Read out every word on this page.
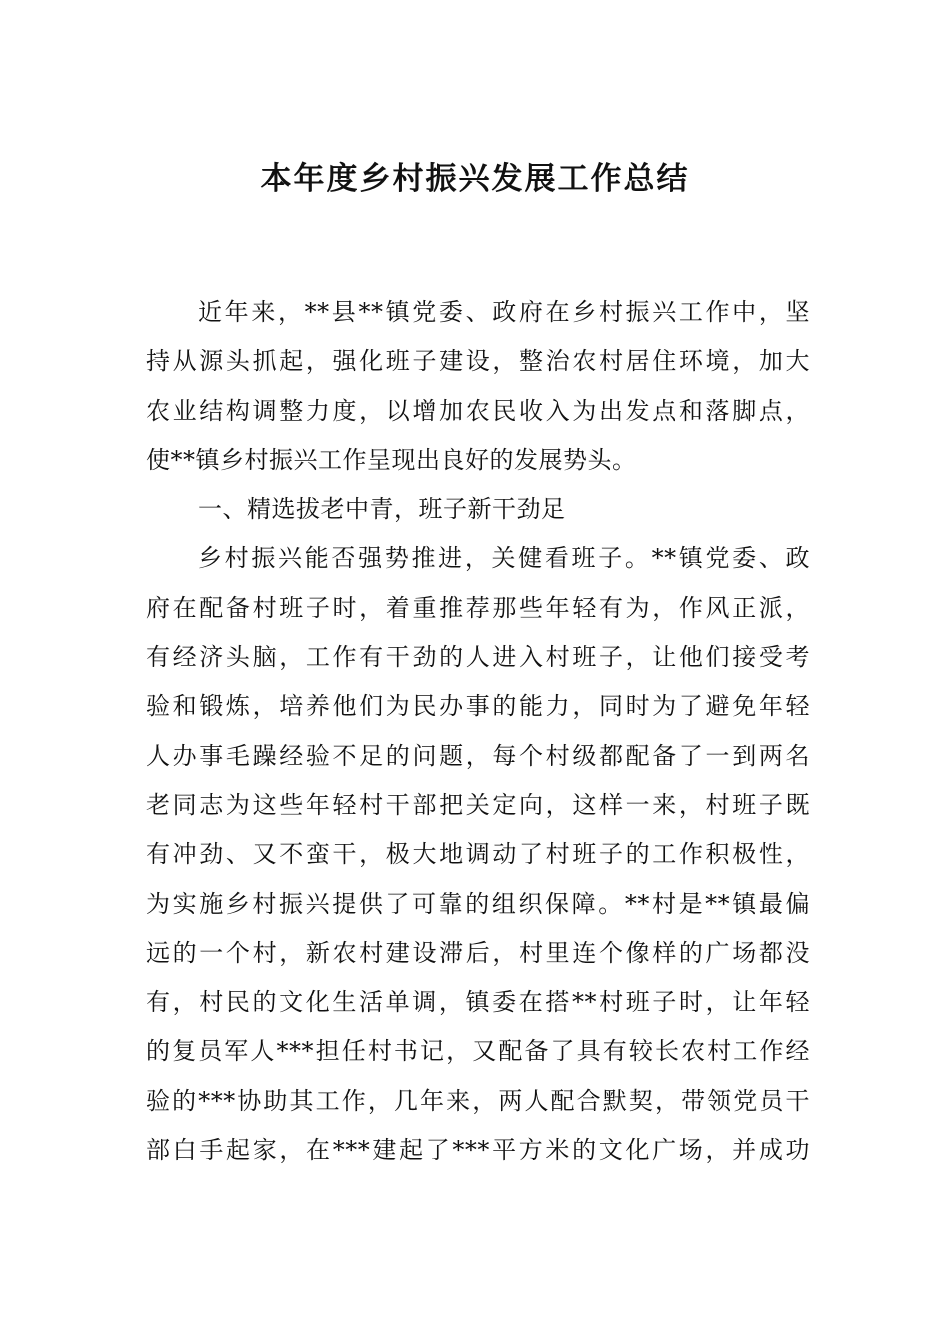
本年度乡村振兴发展工作总结
近年来，**县**镇党委、政府在乡村振兴工作中，坚
持从源头抓起，强化班子建设，整治农村居住环境，加大
农业结构调整力度，以增加农民收入为出发点和落脚点，
使**镇乡村振兴工作呈现出良好的发展势头。
一、精选拔老中青，班子新干劲足
乡村振兴能否强势推进，关健看班子。**镇党委、政
府在配备村班子时，着重推荐那些年轻有为，作风正派，
有经济头脑，工作有干劲的人进入村班子，让他们接受考
验和锻炼，培养他们为民办事的能力，同时为了避免年轻
人办事毛躁经验不足的问题，每个村级都配备了一到两名
老同志为这些年轻村干部把关定向，这样一来，村班子既
有冲劲、又不蛮干，极大地调动了村班子的工作积极性，
为实施乡村振兴提供了可靠的组织保障。**村是**镇最偏
远的一个村，新农村建设滞后，村里连个像样的广场都没
有，村民的文化生活单调，镇委在搭**村班子时，让年轻
的复员军人***担任村书记，又配备了具有较长农村工作经
验的***协助其工作，几年来，两人配合默契，带领党员干
部白手起家，在***建起了***平方米的文化广场，并成功
